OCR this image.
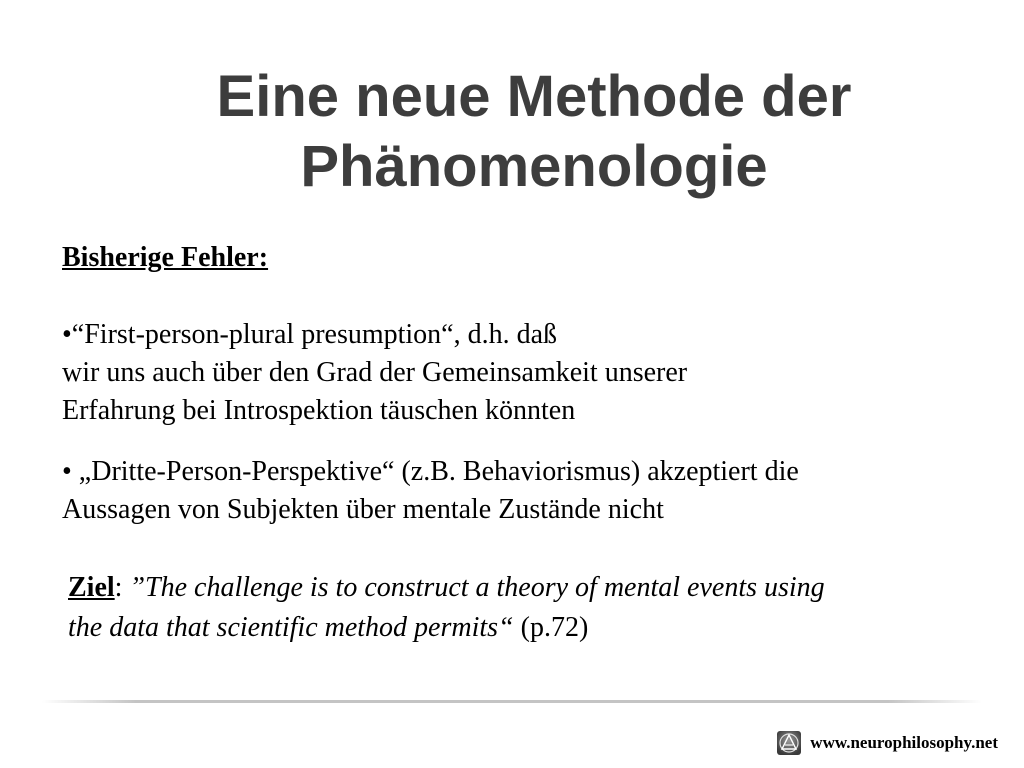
Eine neue Methode der
Phänomenologie
Bisherige Fehler:
•“First-person-plural presumption“, d.h. daß
wir uns auch über den Grad der Gemeinsamkeit unserer
Erfahrung bei Introspektion täuschen könnten
• „Dritte-Person-Perspektive“ (z.B. Behaviorismus) akzeptiert die
Aussagen von Subjekten über mentale Zustände nicht
Ziel: ”The challenge is to construct a theory of mental events using
the data that scientific method permits“ (p.72)
www.neurophilosophy.net
